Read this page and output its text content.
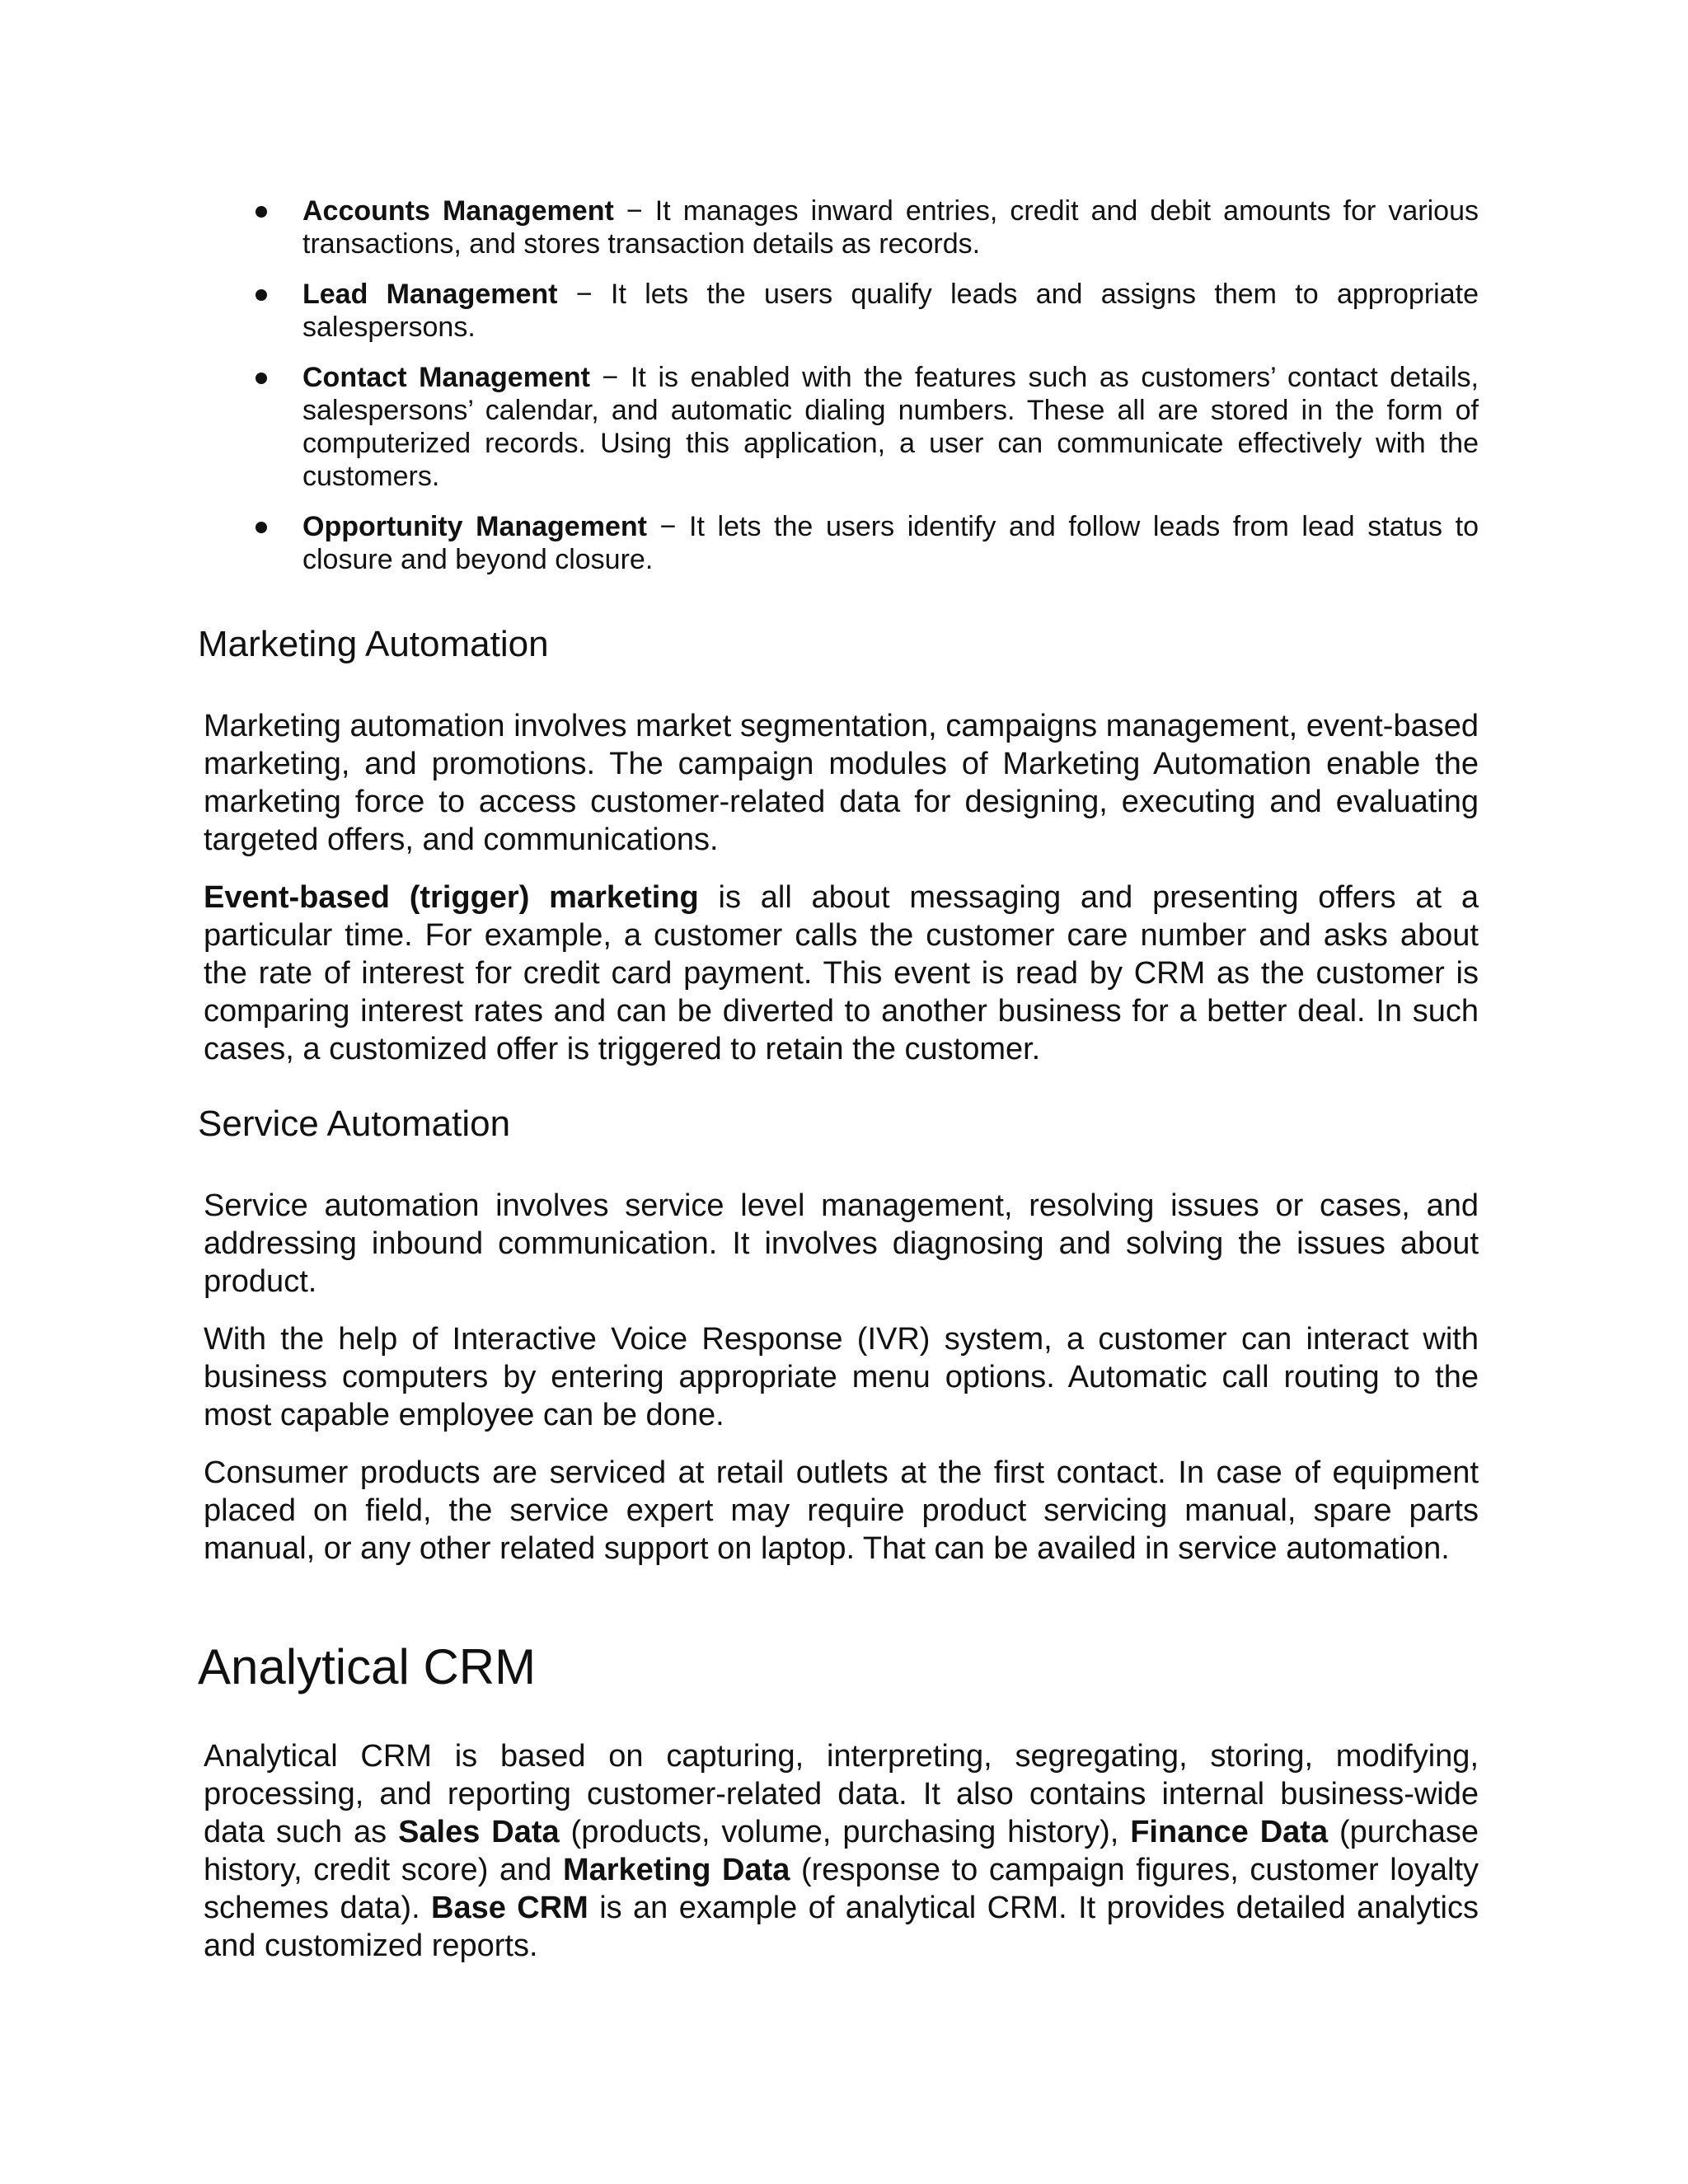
Accounts Management − It manages inward entries, credit and debit amounts for various transactions, and stores transaction details as records.
Lead Management − It lets the users qualify leads and assigns them to appropriate salespersons.
Contact Management − It is enabled with the features such as customers’ contact details, salespersons’ calendar, and automatic dialing numbers. These all are stored in the form of computerized records. Using this application, a user can communicate effectively with the customers.
Opportunity Management − It lets the users identify and follow leads from lead status to closure and beyond closure.
Marketing Automation

Marketing automation involves market segmentation, campaigns management, event-based marketing, and promotions. The campaign modules of Marketing Automation enable the marketing force to access customer-related data for designing, executing and evaluating targeted offers, and communications.

Event-based (trigger) marketing is all about messaging and presenting offers at a particular time. For example, a customer calls the customer care number and asks about the rate of interest for credit card payment. This event is read by CRM as the customer is comparing interest rates and can be diverted to another business for a better deal. In such cases, a customized offer is triggered to retain the customer.

Service Automation

Service automation involves service level management, resolving issues or cases, and addressing inbound communication. It involves diagnosing and solving the issues about product.

With the help of Interactive Voice Response (IVR) system, a customer can interact with business computers by entering appropriate menu options. Automatic call routing to the most capable employee can be done.

Consumer products are serviced at retail outlets at the first contact. In case of equipment placed on field, the service expert may require product servicing manual, spare parts manual, or any other related support on laptop. That can be availed in service automation.

Analytical CRM

Analytical CRM is based on capturing, interpreting, segregating, storing, modifying, processing, and reporting customer-related data. It also contains internal business-wide data such as Sales Data (products, volume, purchasing history), Finance Data (purchase history, credit score) and Marketing Data (response to campaign figures, customer loyalty schemes data). Base CRM is an example of analytical CRM. It provides detailed analytics and customized reports.
